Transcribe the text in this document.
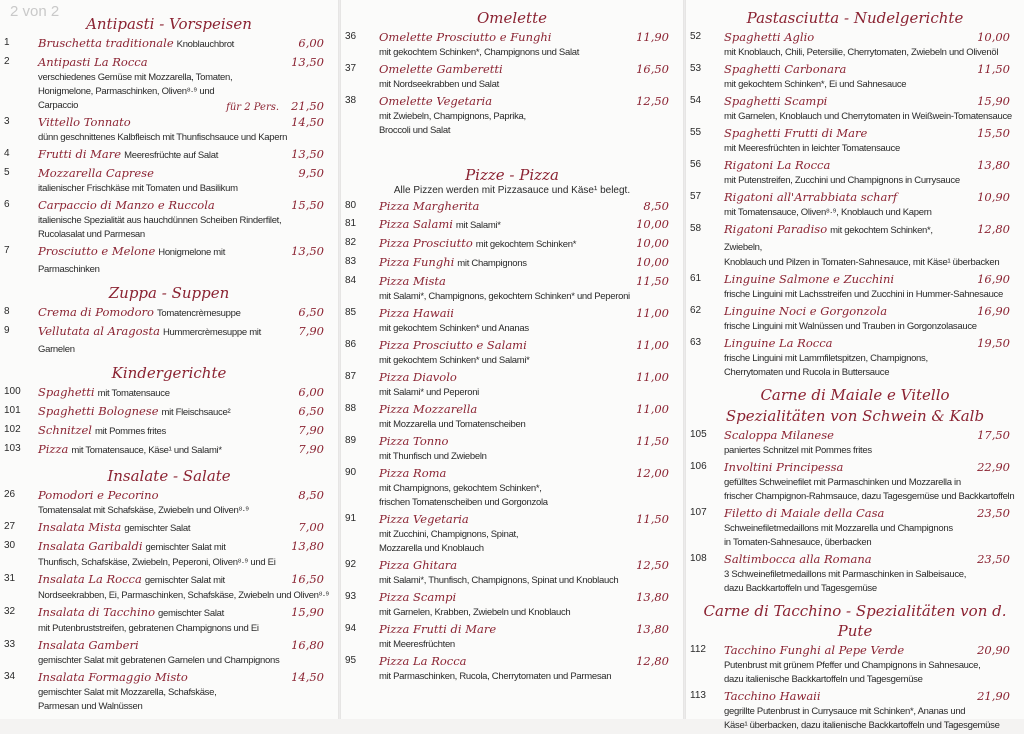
2 von 2
Antipasti - Vorspeisen
1 Bruschetta traditionale Knoblauchbrot	6,00
2 Antipasti La Rocca
verschiedenes Gemüse mit Mozzarella, Tomaten,
Honigmelone, Parmaschinken, Oliven⁸·⁹ und Carpaccio
13,50
für 2 Pers. 21,50
3 Vittello Tonnato
dünn geschnittenes Kalbfleisch mit Thunfischsauce und Kapern
14,50
4 Frutti di Mare Meeresfrüchte auf Salat	13,50
5 Mozzarella Caprese
italienischer Frischkäse mit Tomaten und Basilikum
9,50
6 Carpaccio di Manzo e Ruccola
italienische Spezialität aus hauchdünnen Scheiben Rinderfilet,
Rucolasalat und Parmesan
15,50
7 Prosciutto e Melone Honigmelone mit Parmaschinken
13,50
Zuppa - Suppen
8 Crema di Pomodoro Tomatencrèmesuppe	6,50
9 Vellutata al Aragosta Hummercrèmesuppe mit Garnelen
7,90
Kindergerichte
100 Spaghetti mit Tomatensauce	6,00
101 Spaghetti Bolognese mit Fleischsauce²	6,50
102 Schnitzel mit Pommes frites	7,90
103 Pizza mit Tomatensauce, Käse¹ und Salami*	7,90
Insalate - Salate
26 Pomodori e Pecorino
Tomatensalat mit Schafskäse, Zwiebeln und Oliven⁸·⁹
8,50
27 Insalata Mista gemischter Salat	7,00
30 Insalata Garibaldi gemischter Salat mit
Thunfisch, Schafskäse, Zwiebeln, Peperoni, Oliven⁸·⁹ und Ei
13,80
31 Insalata La Rocca gemischter Salat mit
Nordseekrabben, Ei, Parmaschinken, Schafskäse, Zwiebeln und Oliven⁸·⁹
16,50
32 Insalata di Tacchino gemischter Salat
mit Putenbruststreifen, gebratenen Champignons und Ei
15,90
33 Insalata Gamberi
gemischter Salat mit gebratenen Garnelen und Champignons
16,80
34 Insalata Formaggio Misto
gemischter Salat mit Mozzarella, Schafskäse,
Parmesan und Walnüssen
14,50
Omelette
36 Omelette Prosciutto e Funghi
mit gekochtem Schinken*, Champignons und Salat
11,90
37 Omelette Gamberetti
mit Nordseekrabben und Salat
16,50
38 Omelette Vegetaria
mit Zwiebeln, Champignons, Paprika,
Broccoli und Salat
12,50
Pizze - Pizza
Alle Pizzen werden mit Pizzasauce und Käse¹ belegt.
80 Pizza Margherita	8,50
81 Pizza Salami mit Salami*	10,00
82 Pizza Prosciutto mit gekochtem Schinken*	10,00
83 Pizza Funghi mit Champignons	10,00
84 Pizza Mista
mit Salami*, Champignons, gekochtem Schinken* und Peperoni
11,50
85 Pizza Hawaii
mit gekochtem Schinken* und Ananas
11,00
86 Pizza Prosciutto e Salami
mit gekochtem Schinken* und Salami*
11,00
87 Pizza Diavolo
mit Salami* und Peperoni
11,00
88 Pizza Mozzarella
mit Mozzarella und Tomatenscheiben
11,00
89 Pizza Tonno
mit Thunfisch und Zwiebeln
11,50
90 Pizza Roma
mit Champignons, gekochtem Schinken*,
frischen Tomatenscheiben und Gorgonzola
12,00
91 Pizza Vegetaria
mit Zucchini, Champignons, Spinat,
Mozzarella und Knoblauch
11,50
92 Pizza Ghitara
mit Salami*, Thunfisch, Champignons, Spinat und Knoblauch
12,50
93 Pizza Scampi
mit Garnelen, Krabben, Zwiebeln und Knoblauch
13,80
94 Pizza Frutti di Mare
mit Meeresfrüchten
13,80
95 Pizza La Rocca
mit Parmaschinken, Rucola, Cherrytomaten und Parmesan
12,80
Pastasciutta - Nudelgerichte
52 Spaghetti Aglio
mit Knoblauch, Chili, Petersilie, Cherrytomaten, Zwiebeln und Olivenöl
10,00
53 Spaghetti Carbonara
mit gekochtem Schinken*, Ei und Sahnesauce
11,50
54 Spaghetti Scampi
mit Garnelen, Knoblauch und Cherrytomaten in Weißwein-Tomatensauce
15,90
55 Spaghetti Frutti di Mare
mit Meeresfrüchten in leichter Tomatensauce
15,50
56 Rigatoni La Rocca
mit Putenstreifen, Zucchini und Champignons in Currysauce
13,80
57 Rigatoni all'Arrabbiata scharf
mit Tomatensauce, Oliven⁸·⁹, Knoblauch und Kapern
10,90
58 Rigatoni Paradiso mit gekochtem Schinken*, Zwiebeln,
Knoblauch und Pilzen in Tomaten-Sahnesauce, mit Käse¹ überbacken
12,80
61 Linguine Salmone e Zucchini
frische Linguini mit Lachsstreifen und Zucchini in Hummer-Sahnesauce
16,90
62 Linguine Noci e Gorgonzola
frische Linguini mit Walnüssen und Trauben in Gorgonzolasauce
16,90
63 Linguine La Rocca
frische Linguini mit Lammfiletspitzen, Champignons,
Cherrytomaten und Rucola in Buttersauce
19,50
Carne di Maiale e Vitello
Spezialitäten von Schwein & Kalb
105 Scaloppa Milanese
paniertes Schnitzel mit Pommes frites
17,50
106 Involtini Principessa
gefülltes Schweinefilet mit Parmaschinken und Mozzarella in
frischer Champignon-Rahmsauce, dazu Tagesgemüse und Backkartoffeln
22,90
107 Filetto di Maiale della Casa
Schweinefiletmedaillons mit Mozzarella und Champignons
in Tomaten-Sahnesauce, überbacken
23,50
108 Saltimbocca alla Romana
3 Schweinefiletmedaillons mit Parmaschinken in Salbeisauce,
dazu Backkartoffeln und Tagesgemüse
23,50
Carne di Tacchino - Spezialitäten von d. Pute
112 Tacchino Funghi al Pepe Verde
Putenbrust mit grünem Pfeffer und Champignons in Sahnesauce,
dazu italienische Backkartoffeln und Tagesgemüse
20,90
113 Tacchino Hawaii
gegrillte Putenbrust in Currysauce mit Schinken*, Ananas und
Käse¹ überbacken, dazu italienische Backkartoffeln und Tagesgemüse
21,90
